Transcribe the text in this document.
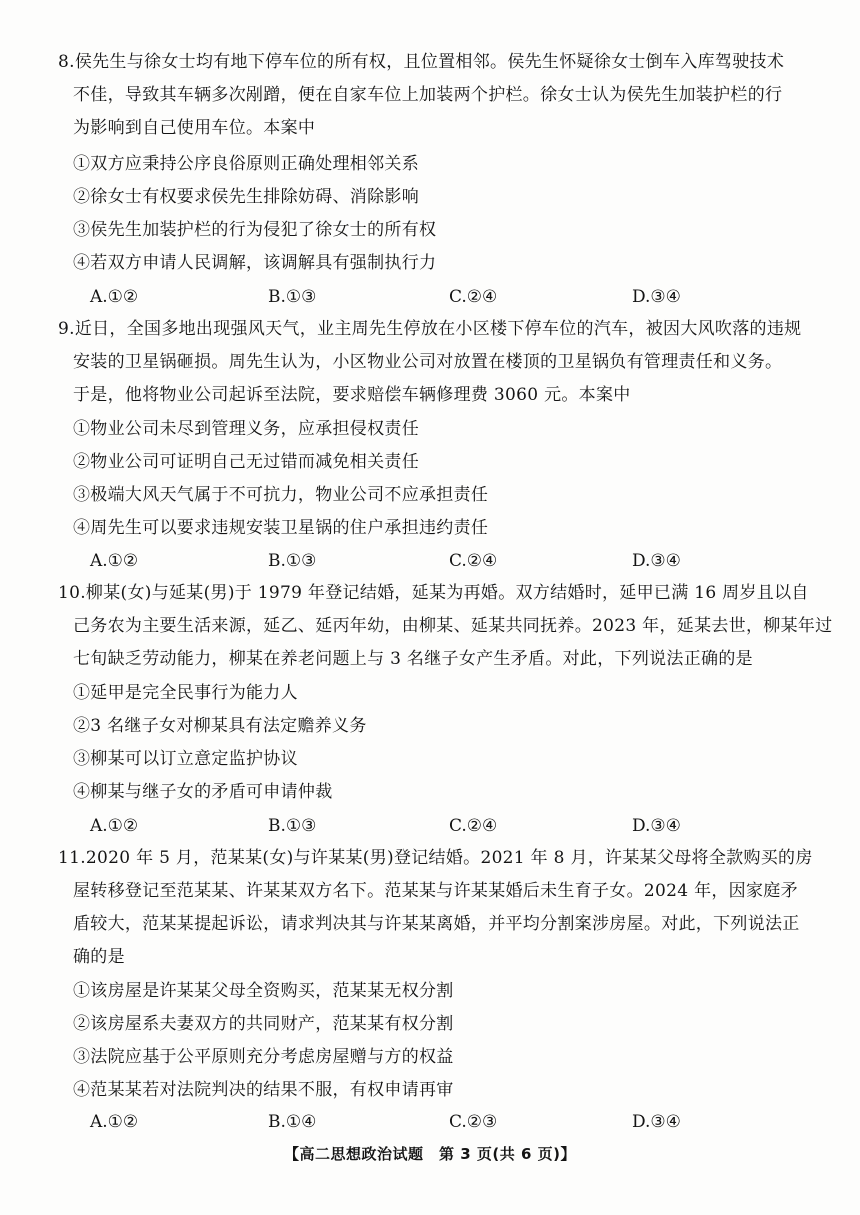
8.侯先生与徐女士均有地下停车位的所有权，且位置相邻。侯先生怀疑徐女士倒车入库驾驶技术
不佳，导致其车辆多次剐蹭，便在自家车位上加装两个护栏。徐女士认为侯先生加装护栏的行
为影响到自己使用车位。本案中
①双方应秉持公序良俗原则正确处理相邻关系
②徐女士有权要求侯先生排除妨碍、消除影响
③侯先生加装护栏的行为侵犯了徐女士的所有权
④若双方申请人民调解，该调解具有强制执行力
A.①②	B.①③	C.②④	D.③④
9.近日，全国多地出现强风天气，业主周先生停放在小区楼下停车位的汽车，被因大风吹落的违规
安装的卫星锅砸损。周先生认为，小区物业公司对放置在楼顶的卫星锅负有管理责任和义务。
于是，他将物业公司起诉至法院，要求赔偿车辆修理费 3060 元。本案中
①物业公司未尽到管理义务，应承担侵权责任
②物业公司可证明自己无过错而减免相关责任
③极端大风天气属于不可抗力，物业公司不应承担责任
④周先生可以要求违规安装卫星锅的住户承担违约责任
A.①②	B.①③	C.②④	D.③④
10.柳某(女)与延某(男)于 1979 年登记结婚，延某为再婚。双方结婚时，延甲已满 16 周岁且以自
己务农为主要生活来源，延乙、延丙年幼，由柳某、延某共同抚养。2023 年，延某去世，柳某年过
七旬缺乏劳动能力，柳某在养老问题上与 3 名继子女产生矛盾。对此，下列说法正确的是
①延甲是完全民事行为能力人
②3 名继子女对柳某具有法定赡养义务
③柳某可以订立意定监护协议
④柳某与继子女的矛盾可申请仲裁
A.①②	B.①③	C.②④	D.③④
11.2020 年 5 月，范某某(女)与许某某(男)登记结婚。2021 年 8 月，许某某父母将全款购买的房
屋转移登记至范某某、许某某双方名下。范某某与许某某婚后未生育子女。2024 年，因家庭矛
盾较大，范某某提起诉讼，请求判决其与许某某离婚，并平均分割案涉房屋。对此，下列说法正
确的是
①该房屋是许某某父母全资购买，范某某无权分割
②该房屋系夫妻双方的共同财产，范某某有权分割
③法院应基于公平原则充分考虑房屋赠与方的权益
④范某某若对法院判决的结果不服，有权申请再审
A.①②	B.①④	C.②③	D.③④
【高二思想政治试题　第 3 页(共 6 页)】
